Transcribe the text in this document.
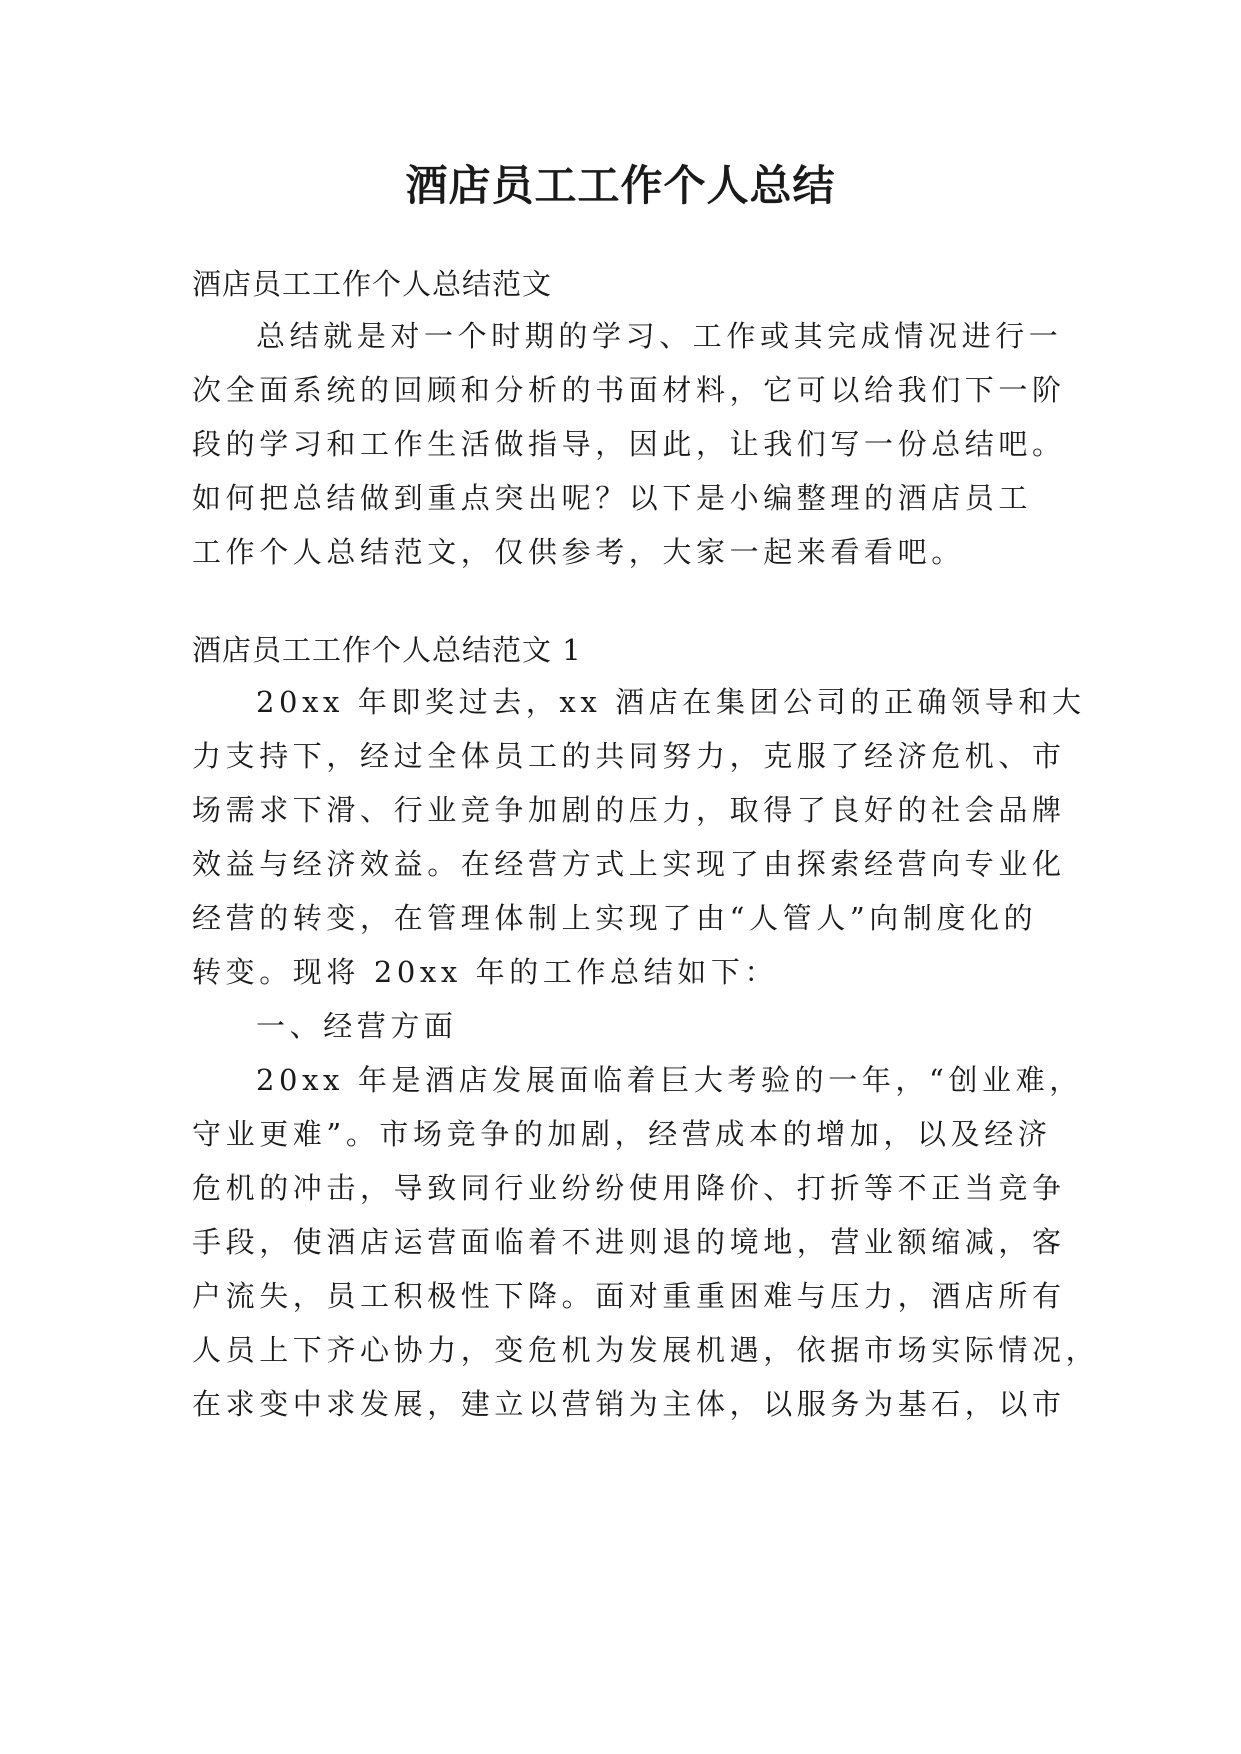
酒店员工工作个人总结

酒店员工工作个人总结范文

总结就是对一个时期的学习、工作或其完成情况进行一

次全面系统的回顾和分析的书面材料，它可以给我们下一阶

段的学习和工作生活做指导，因此，让我们写一份总结吧。

如何把总结做到重点突出呢？以下是小编整理的酒店员工

工作个人总结范文，仅供参考，大家一起来看看吧。

酒店员工工作个人总结范文 1

20xx 年即奖过去，xx 酒店在集团公司的正确领导和大

力支持下，经过全体员工的共同努力，克服了经济危机、市

场需求下滑、行业竞争加剧的压力，取得了良好的社会品牌

效益与经济效益。在经营方式上实现了由探索经营向专业化

经营的转变，在管理体制上实现了由“人管人”向制度化的

转变。现将 20xx 年的工作总结如下：

一、经营方面

20xx 年是酒店发展面临着巨大考验的一年，“创业难，

守业更难”。市场竞争的加剧，经营成本的增加，以及经济

危机的冲击，导致同行业纷纷使用降价、打折等不正当竞争

手段，使酒店运营面临着不进则退的境地，营业额缩减，客

户流失，员工积极性下降。面对重重困难与压力，酒店所有

人员上下齐心协力，变危机为发展机遇，依据市场实际情况，

在求变中求发展，建立以营销为主体，以服务为基石，以市
